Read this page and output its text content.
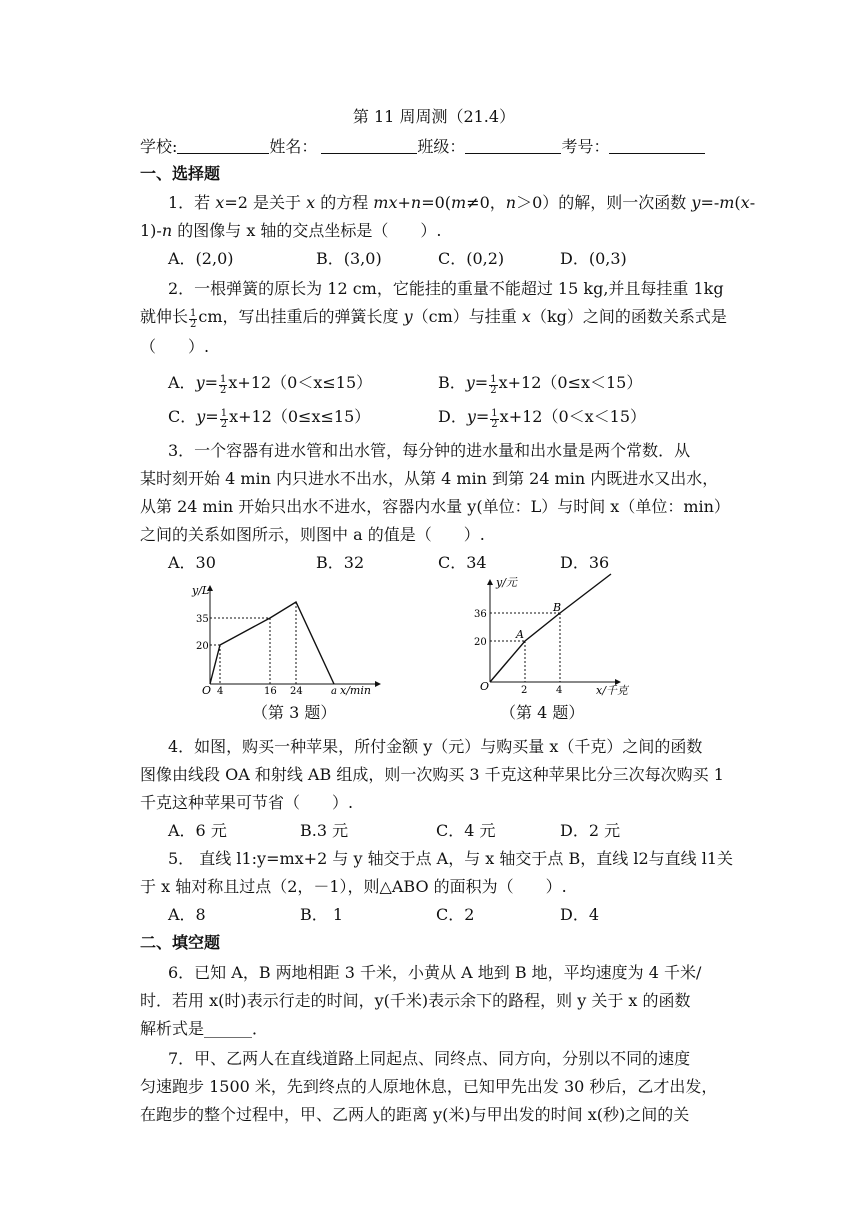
第 11 周周测（21.4）
学校:	姓名：	班级：	考号：
一、选择题
1．若 x=2 是关于 x 的方程 mx+n=0(m≠0，n＞0）的解，则一次函数 y=-m(x-
1)-n 的图像与 x 轴的交点坐标是（　　）.
A．(2,0)	B．(3,0)	C．(0,2)	D．(0,3)
2．一根弹簧的原长为 12 cm，它能挂的重量不能超过 15 kg,并且每挂重 1kg
就伸长 $\frac{1}{2}$ cm，写出挂重后的弹簧长度 y（cm）与挂重 x（kg）之间的函数关系式是
（　　）.
A．$y= \frac{1}{2} x+12(0<x\le 15)$	B．$y= \frac{1}{2} x+12(0\le x<15)$
C．$y= \frac{1}{2} x+12(0\le x\le 15)$	D．$y= \frac{1}{2} x+12(0<x<15)$
3．一个容器有进水管和出水管，每分钟的进水量和出水量是两个常数．从
某时刻开始 4 min 内只进水不出水，从第 4 min 到第 24 min 内既进水又出水，
从第 24 min 开始只出水不进水，容器内水量 y(单位：L）与时间 x（单位：min）
之间的关系如图所示，则图中 a 的值是（　　）.
A．30	B．32	C．34	D．36
y/L
x/min
O 4	16 24	a
20
35
（第 3 题）
y/元
x/千克
O	2	4
20
36
A
B
（第 4 题）
4．如图，购买一种苹果，所付金额 y（元）与购买量 x（千克）之间的函数
图像由线段 OA 和射线 AB 组成，则一次购买 3 千克这种苹果比分三次每次购买 1
千克这种苹果可节省（　　）.
A．6 元	B.3 元	C．4 元	D．2 元
5． 直线 l1:y=mx+2 与 y 轴交于点 A，与 x 轴交于点 B，直线 l2与直线 l1关
于 x 轴对称且过点（2，－1），则△ABO 的面积为（　　）.
A．8	B． 1	C．2	D．4
二、填空题
6．已知 A，B 两地相距 3 千米，小黄从 A 地到 B 地，平均速度为 4 千米/
时．若用 x(时)表示行走的时间，y(千米)表示余下的路程，则 y 关于 x 的函数
解析式是______．
7．甲、乙两人在直线道路上同起点、同终点、同方向，分别以不同的速度
匀速跑步 1500 米，先到终点的人原地休息，已知甲先出发 30 秒后，乙才出发，
在跑步的整个过程中，甲、乙两人的距离 y(米)与甲出发的时间 x(秒)之间的关
